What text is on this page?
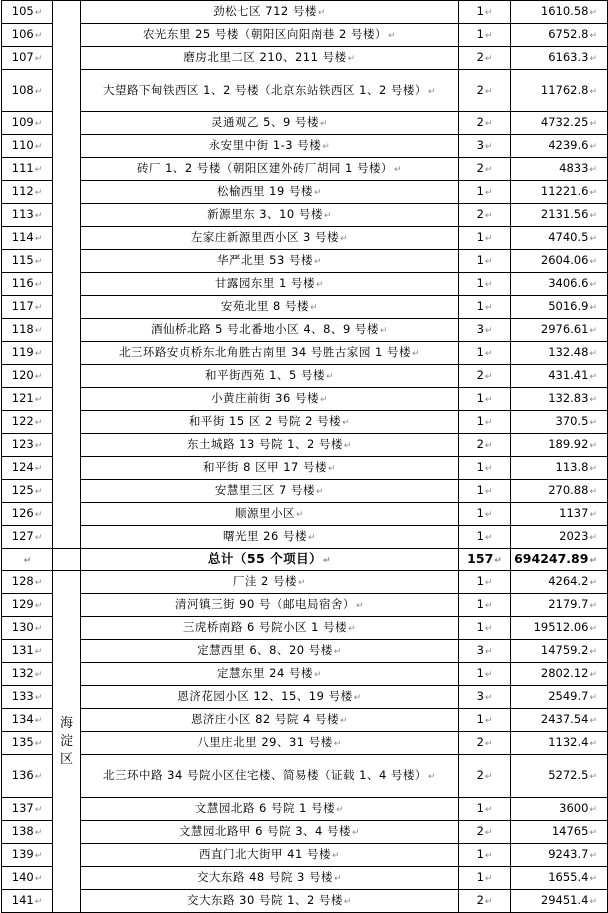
105↵		劲松七区 712 号楼↵	1↵	1610.58↵
106↵		农光东里 25 号楼（朝阳区向阳南巷 2 号楼）↵	1↵	6752.8↵
107↵		磨房北里二区 210、211 号楼↵	2↵	6163.3↵
108↵		大望路下甸铁西区 1、2 号楼（北京东站铁西区 1、2 号楼）↵	2↵	11762.8↵
109↵		灵通观乙 5、9 号楼↵	2↵	4732.25↵
110↵		永安里中街 1-3 号楼↵	3↵	4239.6↵
111↵		砖厂 1、2 号楼（朝阳区建外砖厂胡同 1 号楼）↵	2↵	4833↵
112↵		松榆西里 19 号楼↵	1↵	11221.6↵
113↵		新源里东 3、10 号楼↵	2↵	2131.56↵
114↵		左家庄新源里西小区 3 号楼↵	1↵	4740.5↵
115↵		华严北里 53 号楼↵	1↵	2604.06↵
116↵		甘露园东里 1 号楼↵	1↵	3406.6↵
117↵		安苑北里 8 号楼↵	1↵	5016.9↵
118↵		酒仙桥北路 5 号北番地小区 4、8、9 号楼↵	3↵	2976.61↵
119↵		北三环路安贞桥东北角胜古南里 34 号胜古家园 1 号楼↵	1↵	132.48↵
120↵		和平街西苑 1、5 号楼↵	2↵	431.41↵
121↵		小黄庄前街 36 号楼↵	1↵	132.83↵
122↵		和平街 15 区 2 号院 2 号楼↵	1↵	370.5↵
123↵		东土城路 13 号院 1、2 号楼↵	2↵	189.92↵
124↵		和平街 8 区甲 17 号楼↵	1↵	113.8↵
125↵		安慧里三区 7 号楼↵	1↵	270.88↵
126↵		顺源里小区↵	1↵	1137↵
127↵		曙光里 26 号楼↵	1↵	2023↵
↵		总计（55 个项目）↵	157↵	694247.89↵
128↵	海淀区	厂洼 2 号楼↵	1↵	4264.2↵
129↵		清河镇三街 90 号（邮电局宿舍）↵	1↵	2179.7↵
130↵		三虎桥南路 6 号院小区 1 号楼↵	1↵	19512.06↵
131↵		定慧西里 6、8、20 号楼↵	3↵	14759.2↵
132↵		定慧东里 24 号楼↵	1↵	2802.12↵
133↵		恩济花园小区 12、15、19 号楼↵	3↵	2549.7↵
134↵		恩济庄小区 82 号院 4 号楼↵	1↵	2437.54↵
135↵		八里庄北里 29、31 号楼↵	2↵	1132.4↵
136↵		北三环中路 34 号院小区住宅楼、简易楼（证载 1、4 号楼）↵	2↵	5272.5↵
137↵		文慧园北路 6 号院 1 号楼↵	1↵	3600↵
138↵		文慧园北路甲 6 号院 3、4 号楼↵	2↵	14765↵
139↵		西直门北大街甲 41 号楼↵	1↵	9243.7↵
140↵		交大东路 48 号院 3 号楼↵	1↵	1655.4↵
141↵		交大东路 30 号院 1、2 号楼↵	2↵	29451.4↵
